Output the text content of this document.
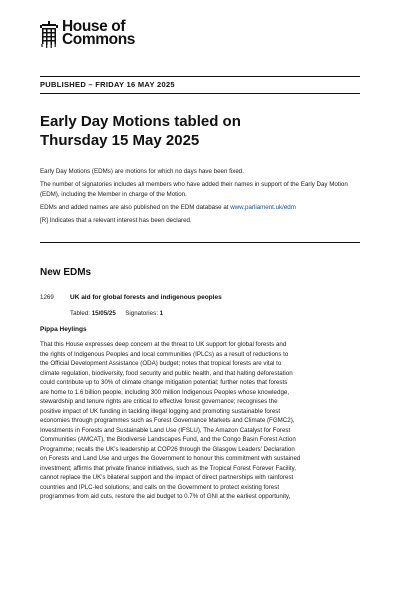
House of
Commons
PUBLISHED – FRIDAY 16 MAY 2025
Early Day Motions tabled on
Thursday 15 May 2025

Early Day Motions (EDMs) are motions for which no days have been fixed.

The number of signatories includes all members who have added their names in support of the Early Day Motion (EDM), including the Member in charge of the Motion.

EDMs and added names are also published on the EDM database at www.parliament.uk/edm

[R] Indicates that a relevant interest has been declared.

New EDMs
1269 UK aid for global forests and indigenous peoples
Tabled: 15/05/25 Signatories: 1
Pippa Heylings
That this House expresses deep concern at the threat to UK support for global forests and
the rights of Indigenous Peoples and local communities (IPLCs) as a result of reductions to
the Official Development Assistance (ODA) budget; notes that tropical forests are vital to
climate regulation, biodiversity, food security and public health, and that halting deforestation
could contribute up to 30% of climate change mitigation potential; further notes that forests
are home to 1.6 billion people, including 300 million Indigenous Peoples whose knowledge,
stewardship and tenure rights are critical to effective forest governance; recognises the
positive impact of UK funding in tackling illegal logging and promoting sustainable forest
economies through programmes such as Forest Governance Markets and Climate (FGMC2),
Investments in Forests and Sustainable Land Use (IFSLU), The Amazon Catalyst for Forest
Communities (AMCAT), the Biodiverse Landscapes Fund, and the Congo Basin Forest Action
Programme; recalls the UK's leadership at COP26 through the Glasgow Leaders' Declaration
on Forests and Land Use and urges the Government to honour this commitment with sustained
investment; affirms that private finance initiatives, such as the Tropical Forest Forever Facility,
cannot replace the UK's bilateral support and the impact of direct partnerships with rainforest
countries and IPLC-led solutions; and calls on the Government to protect existing forest
programmes from aid cuts, restore the aid budget to 0.7% of GNI at the earliest opportunity,
